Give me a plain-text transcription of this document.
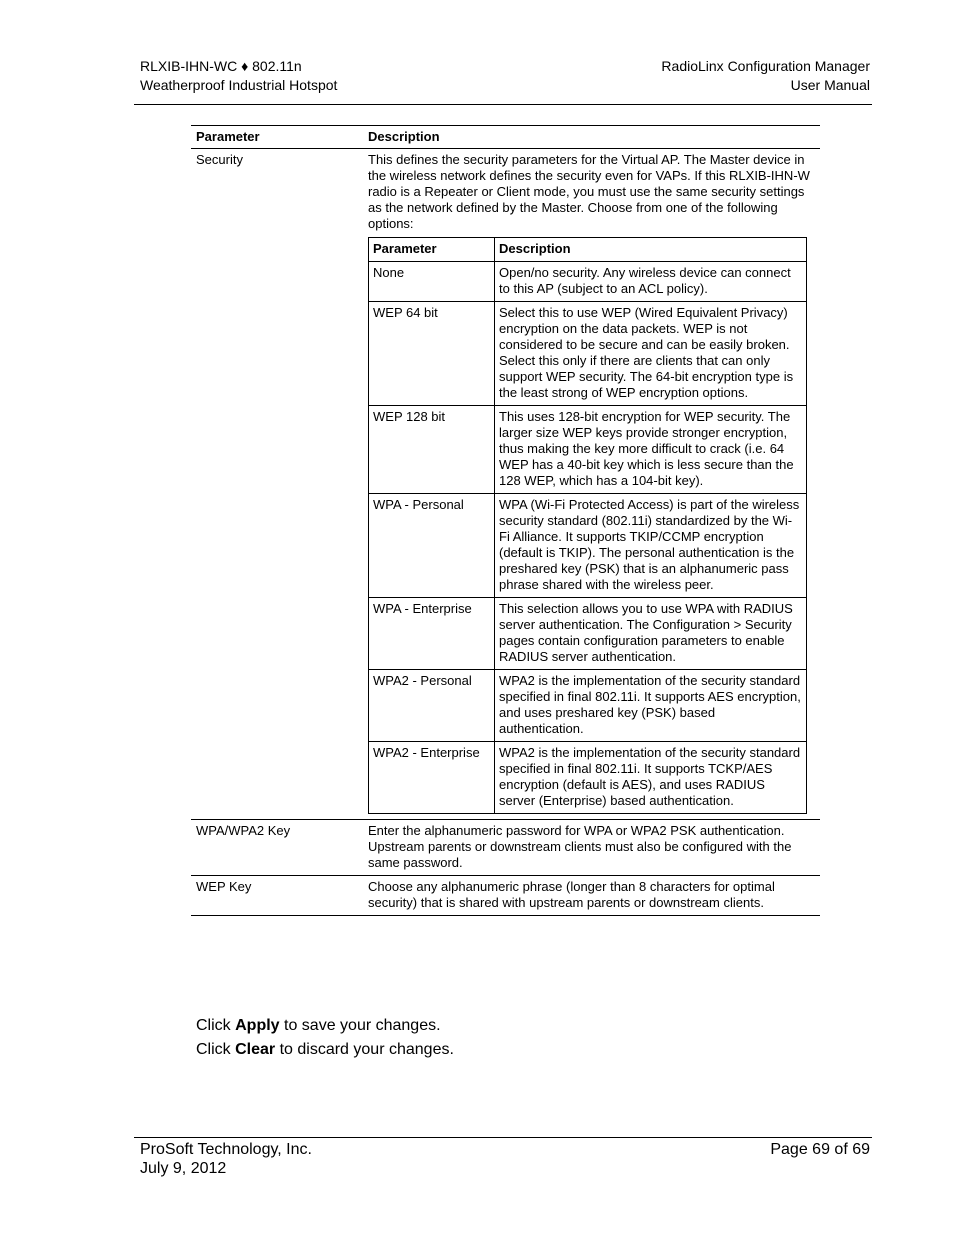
RLXIB-IHN-WC ♦ 802.11n
Weatherproof Industrial Hotspot
RadioLinx Configuration Manager
User Manual
Parameter	Description
Security	This defines the security parameters for the Virtual AP. The Master device in the wireless network defines the security even for VAPs. If this RLXIB-IHN-W radio is a Repeater or Client mode, you must use the same security settings as the network defined by the Master. Choose from one of the following options:
Parameter	Description
None	Open/no security. Any wireless device can connect to this AP (subject to an ACL policy).
WEP 64 bit	Select this to use WEP (Wired Equivalent Privacy) encryption on the data packets. WEP is not considered to be secure and can be easily broken. Select this only if there are clients that can only support WEP security. The 64-bit encryption type is the least strong of WEP encryption options.
WEP 128 bit	This uses 128-bit encryption for WEP security. The larger size WEP keys provide stronger encryption, thus making the key more difficult to crack (i.e. 64 WEP has a 40-bit key which is less secure than the 128 WEP, which has a 104-bit key).
WPA - Personal	WPA (Wi-Fi Protected Access) is part of the wireless security standard (802.11i) standardized by the Wi-Fi Alliance. It supports TKIP/CCMP encryption (default is TKIP). The personal authentication is the preshared key (PSK) that is an alphanumeric pass phrase shared with the wireless peer.
WPA - Enterprise	This selection allows you to use WPA with RADIUS server authentication. The Configuration > Security pages contain configuration parameters to enable RADIUS server authentication.
WPA2 - Personal	WPA2 is the implementation of the security standard specified in final 802.11i. It supports AES encryption, and uses preshared key (PSK) based authentication.
WPA2 - Enterprise	WPA2 is the implementation of the security standard specified in final 802.11i. It supports TCKP/AES encryption (default is AES), and uses RADIUS server (Enterprise) based authentication.

WPA/WPA2 Key	Enter the alphanumeric password for WPA or WPA2 PSK authentication. Upstream parents or downstream clients must also be configured with the same password.
WEP Key	Choose any alphanumeric phrase (longer than 8 characters for optimal security) that is shared with upstream parents or downstream clients.
Click Apply to save your changes.
Click Clear to discard your changes.
ProSoft Technology, Inc.
July 9, 2012
Page 69 of 69
